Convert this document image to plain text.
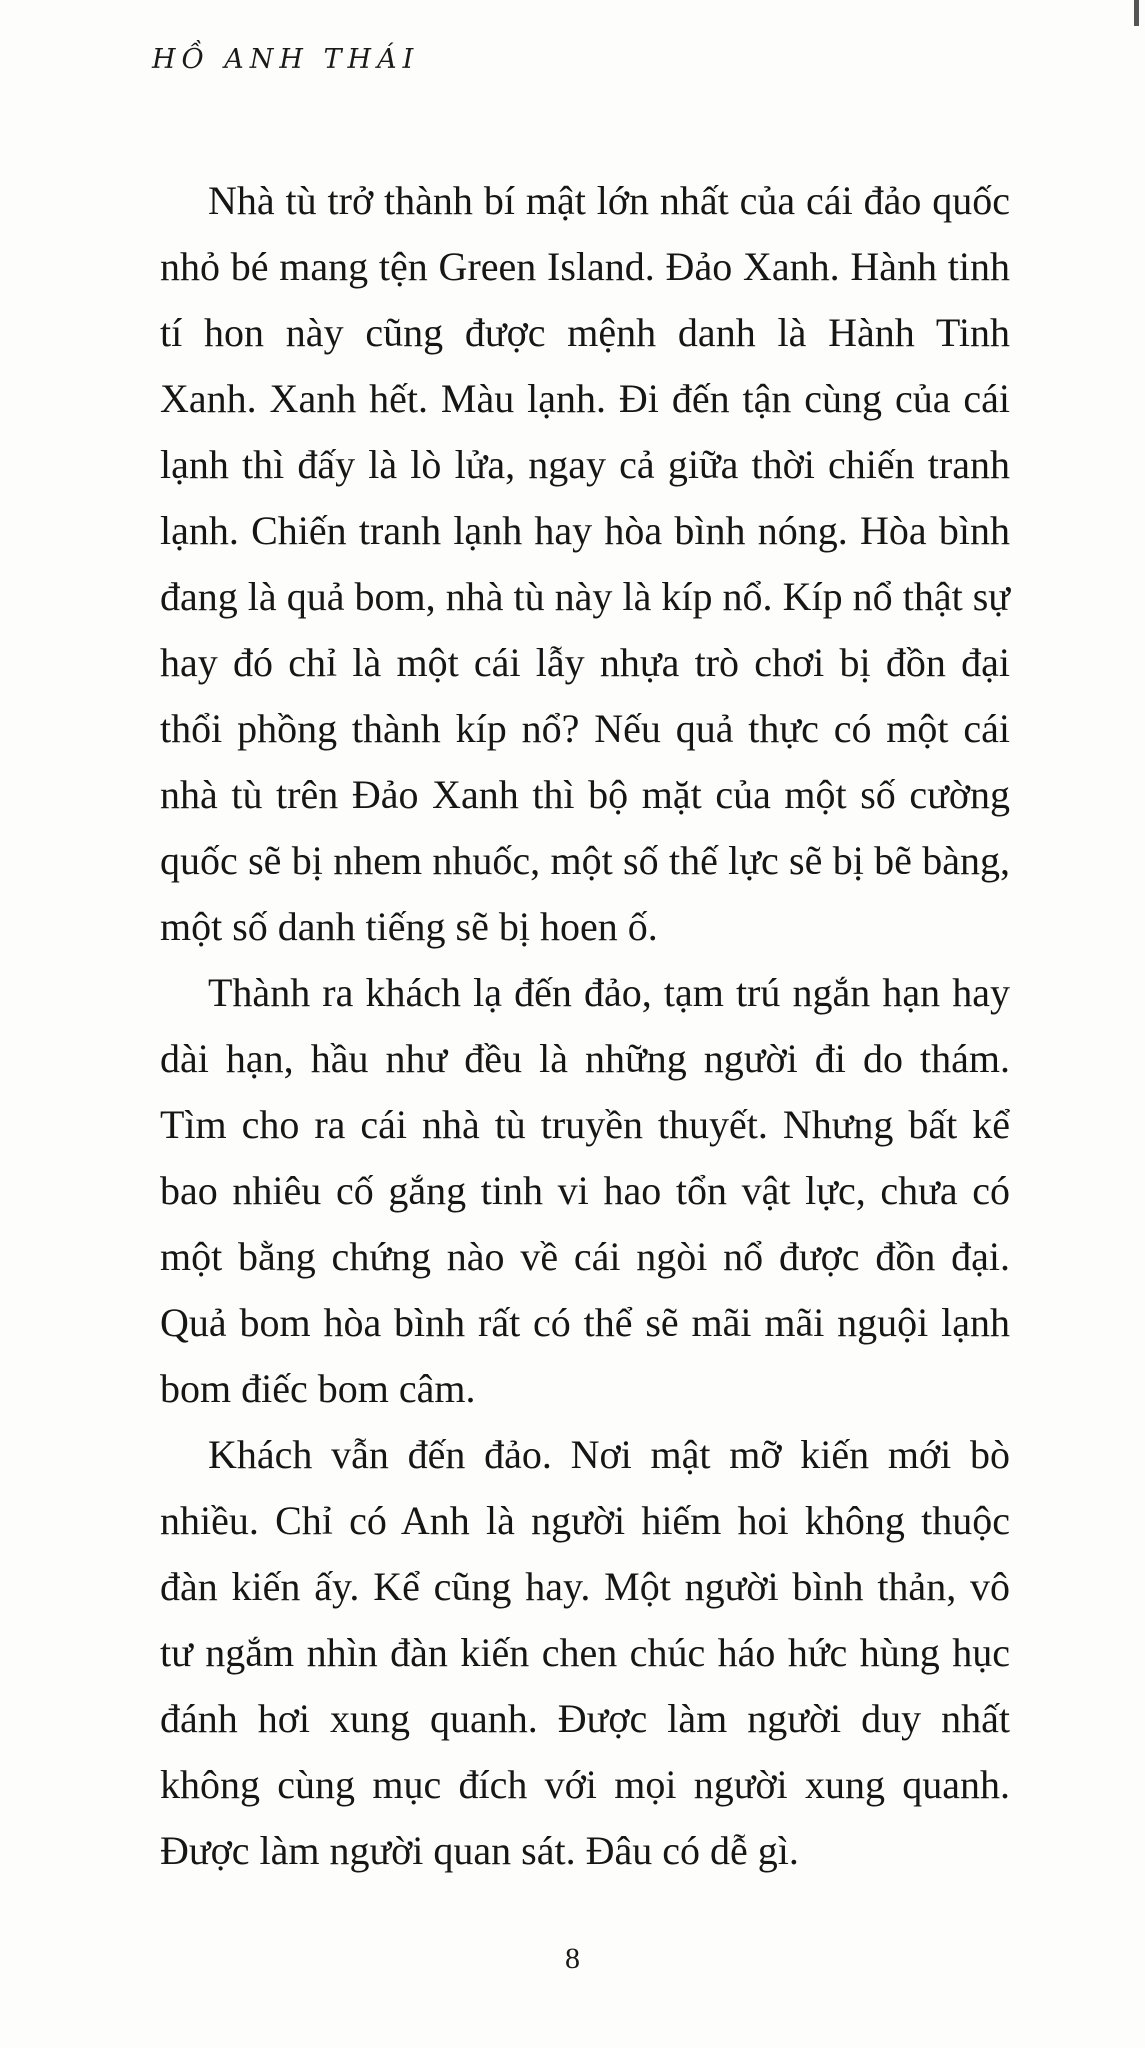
HỒ ANH THÁI

Nhà tù trở thành bí mật lớn nhất của cái đảo quốc nhỏ bé mang tện Green Island. Đảo Xanh. Hành tinh tí hon này cũng được mệnh danh là Hành Tinh Xanh. Xanh hết. Màu lạnh. Đi đến tận cùng của cái lạnh thì đấy là lò lửa, ngay cả giữa thời chiến tranh lạnh. Chiến tranh lạnh hay hòa bình nóng. Hòa bình đang là quả bom, nhà tù này là kíp nổ. Kíp nổ thật sự hay đó chỉ là một cái lẫy nhựa trò chơi bị đồn đại thổi phồng thành kíp nổ? Nếu quả thực có một cái nhà tù trên Đảo Xanh thì bộ mặt của một số cường quốc sẽ bị nhem nhuốc, một số thế lực sẽ bị bẽ bàng, một số danh tiếng sẽ bị hoen ố.

Thành ra khách lạ đến đảo, tạm trú ngắn hạn hay dài hạn, hầu như đều là những người đi do thám. Tìm cho ra cái nhà tù truyền thuyết. Nhưng bất kể bao nhiêu cố gắng tinh vi hao tổn vật lực, chưa có một bằng chứng nào về cái ngòi nổ được đồn đại. Quả bom hòa bình rất có thể sẽ mãi mãi nguội lạnh bom điếc bom câm.

Khách vẫn đến đảo. Nơi mật mỡ kiến mới bò nhiều. Chỉ có Anh là người hiếm hoi không thuộc đàn kiến ấy. Kể cũng hay. Một người bình thản, vô tư ngắm nhìn đàn kiến chen chúc háo hức hùng hục đánh hơi xung quanh. Được làm người duy nhất không cùng mục đích với mọi người xung quanh. Được làm người quan sát. Đâu có dễ gì.

8
